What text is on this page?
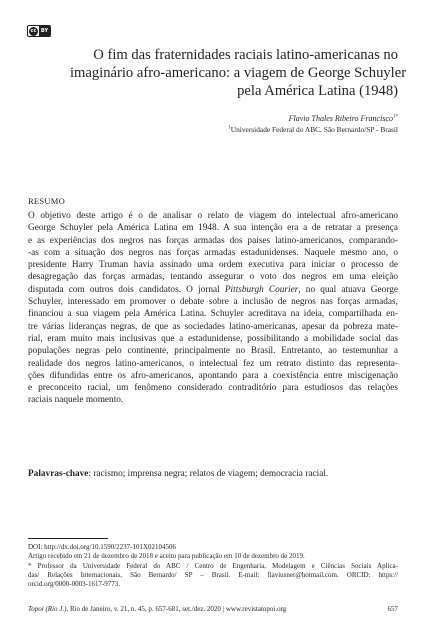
cc BY
O fim das fraternidades raciais latino-americanas no
imaginário afro-americano: a viagem de George Schuyler
pela América Latina (1948)
Flavio Thales Ribeiro Francisco$^{1*}$
$^1$Universidade Federal do ABC, São Bernardo/SP - Brasil
RESUMO
O objetivo deste artigo é o de analisar o relato de viagem do intelectual afro-americano
George Schuyler pela América Latina em 1948. A sua intenção era a de retratar a presença
e as experiências dos negros nas forças armadas dos países latino-americanos, comparando-
-as com a situação dos negros nas forças armadas estadunidenses. Naquele mesmo ano, o
presidente Harry Truman havia assinado uma ordem executiva para iniciar o processo de
desagregação das forças armadas, tentando assegurar o voto dos negros em uma eleição
disputada com outros dois candidatos. O jornal Pittsburgh Courier, no qual atuava George
Schuyler, interessado em promover o debate sobre a inclusão de negros nas forças armadas,
financiou a sua viagem pela América Latina. Schuyler acreditava na ideia, compartilhada en-
tre várias lideranças negras, de que as sociedades latino-americanas, apesar da pobreza mate-
rial, eram muito mais inclusivas que a estadunidense, possibilitando a mobilidade social das
populações negras pelo continente, principalmente no Brasil. Entretanto, ao testemunhar a
realidade dos negros latino-americanos, o intelectual fez um retrato distinto das representa-
ções difundidas entre os afro-americanos, apontando para a coexistência entre miscigenação
e preconceito racial, um fenômeno considerado contraditório para estudiosos das relações
raciais naquele momento.

Palavras-chave: racismo; imprensa negra; relatos de viagem; democracia racial.

DOI: http://dx.doi.org/10.1590/2237-101X02104506
Artigo recebido em 21 de dezembro de 2018 e aceito para publicação em 10 de dezembro de 2019.
* Professor da Universidade Federal do ABC / Centro de Engenharia, Modelagem e Ciências Sociais Aplica-
das/ Relações Internacionais, São Bernardo/ SP – Brasil. E-mail: flaviusner@hotmail.com. ORCID: https://
orcid.org/0000-0003-1617-9773.
Topoi (Rio J.), Rio de Janeiro, v. 21, n. 45, p. 657-681, set./dez. 2020 | www.revistatopoi.org	657
